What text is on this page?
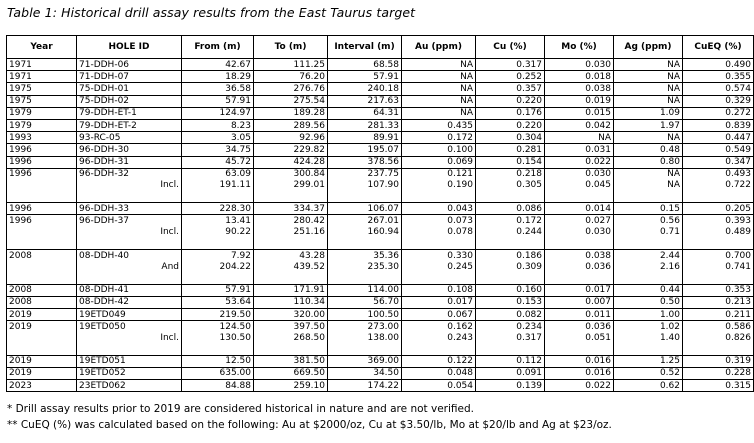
Table 1: Historical drill assay results from the East Taurus target
Year	HOLE ID		From (m)	To (m)	Interval (m)	Au (ppm)	Cu (%)	Mo (%)	Ag (ppm)	CuEQ (%)
1971	71-DDH-06		42.67	111.25	68.58	NA	0.317	0.030	NA	0.490
1971	71-DDH-07		18.29	76.20	57.91	NA	0.252	0.018	NA	0.355
1975	75-DDH-01		36.58	276.76	240.18	NA	0.357	0.038	NA	0.574
1975	75-DDH-02		57.91	275.54	217.63	NA	0.220	0.019	NA	0.329
1979	79-DDH-ET-1		124.97	189.28	64.31	NA	0.176	0.015	1.09	0.272
1979	79-DDH-ET-2		8.23	289.56	281.33	0.435	0.220	0.042	1.97	0.839
1993	93-RC-05		3.05	92.96	89.91	0.172	0.304	NA	NA	0.447
1996	96-DDH-30		34.75	229.82	195.07	0.100	0.281	0.031	0.48	0.549
1996	96-DDH-31		45.72	424.28	378.56	0.069	0.154	0.022	0.80	0.347
1996	96-DDH-32		63.09	300.84	237.75	0.121	0.218	0.030	NA	0.493
		Incl.	191.11	299.01	107.90	0.190	0.305	0.045	NA	0.722

1996	96-DDH-33		228.30	334.37	106.07	0.043	0.086	0.014	0.15	0.205
1996	96-DDH-37		13.41	280.42	267.01	0.073	0.172	0.027	0.56	0.393
		Incl.	90.22	251.16	160.94	0.078	0.244	0.030	0.71	0.489

2008	08-DDH-40		7.92	43.28	35.36	0.330	0.186	0.038	2.44	0.700
		And	204.22	439.52	235.30	0.245	0.309	0.036	2.16	0.741

2008	08-DDH-41		57.91	171.91	114.00	0.108	0.160	0.017	0.44	0.353
2008	08-DDH-42		53.64	110.34	56.70	0.017	0.153	0.007	0.50	0.213
2019	19ETD049		219.50	320.00	100.50	0.067	0.082	0.011	1.00	0.211
2019	19ETD050		124.50	397.50	273.00	0.162	0.234	0.036	1.02	0.586
		Incl.	130.50	268.50	138.00	0.243	0.317	0.051	1.40	0.826

2019	19ETD051		12.50	381.50	369.00	0.122	0.112	0.016	1.25	0.319
2019	19ETD052		635.00	669.50	34.50	0.048	0.091	0.016	0.52	0.228
2023	23ETD062		84.88	259.10	174.22	0.054	0.139	0.022	0.62	0.315
* Drill assay results prior to 2019 are considered historical in nature and are not verified.
** CuEQ (%) was calculated based on the following: Au at $2000/oz, Cu at $3.50/lb, Mo at $20/lb and Ag at $23/oz.
